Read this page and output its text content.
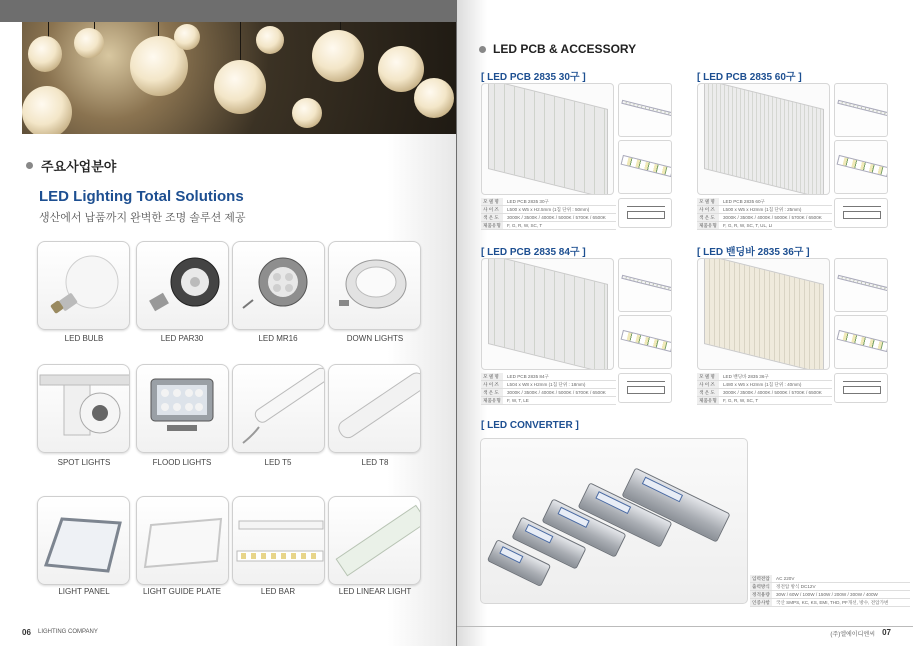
주요사업분야
LED Lighting Total Solutions
생산에서 납품까지 완벽한 조명 솔루션 제공
LED BULB	LED PAR30	LED MR16	DOWN LIGHTS
SPOT LIGHTS	FLOOD LIGHTS	LED T5	LED T8
LIGHT PANEL	LIGHT GUIDE PLATE	LED BAR	LED LINEAR LIGHT
06 LIGHTING COMPANY
LED PCB & ACCESSORY
[ LED PCB 2835 30구 ]
모 델 명	LED PCB 2835 30구
사 이 즈	L500 x W5 x H2.5mm (1칩 단위 : 50mm)
색 온 도	3000K / 3500K / 4000K / 5000K / 5700K / 6500K
제품유형	F, G, R, W, SC, T
[ LED PCB 2835 60구 ]
모 델 명	LED PCB 2835 60구
사 이 즈	L500 x W5 x H2mm (1칩 단위 : 25mm)
색 온 도	3000K / 3500K / 4000K / 5000K / 5700K / 6500K
제품유형	F, G, R, W, SC, T, UL, LI
[ LED PCB 2835 84구 ]
모 델 명	LED PCB 2835 84구
사 이 즈	L504 x W8 x H2mm (1칩 단위 : 18mm)
색 온 도	3000K / 3500K / 4000K / 5000K / 5700K / 6500K
제품유형	F, W, T, LE
[ LED 밴딩바 2835 36구 ]
모 델 명	LED 밴딩바 2835 36구
사 이 즈	L480 x W6 x H2mm (1칩 단위 : 40mm)
색 온 도	3000K / 3500K / 4000K / 5000K / 5700K / 6500K
제품유형	F, G, R, W, SC, T
[ LED CONVERTER ]
입력전압	AC 220V
출력방식	정전압 방식 DC12V
정격용량	30W / 60W / 100W / 150W / 200W / 300W / 400W
인증사항	국산 SMPS, KC, KS, EMI, THD, PF개선, 방수, 전압가변
(주)엘에이디엔씨 07
